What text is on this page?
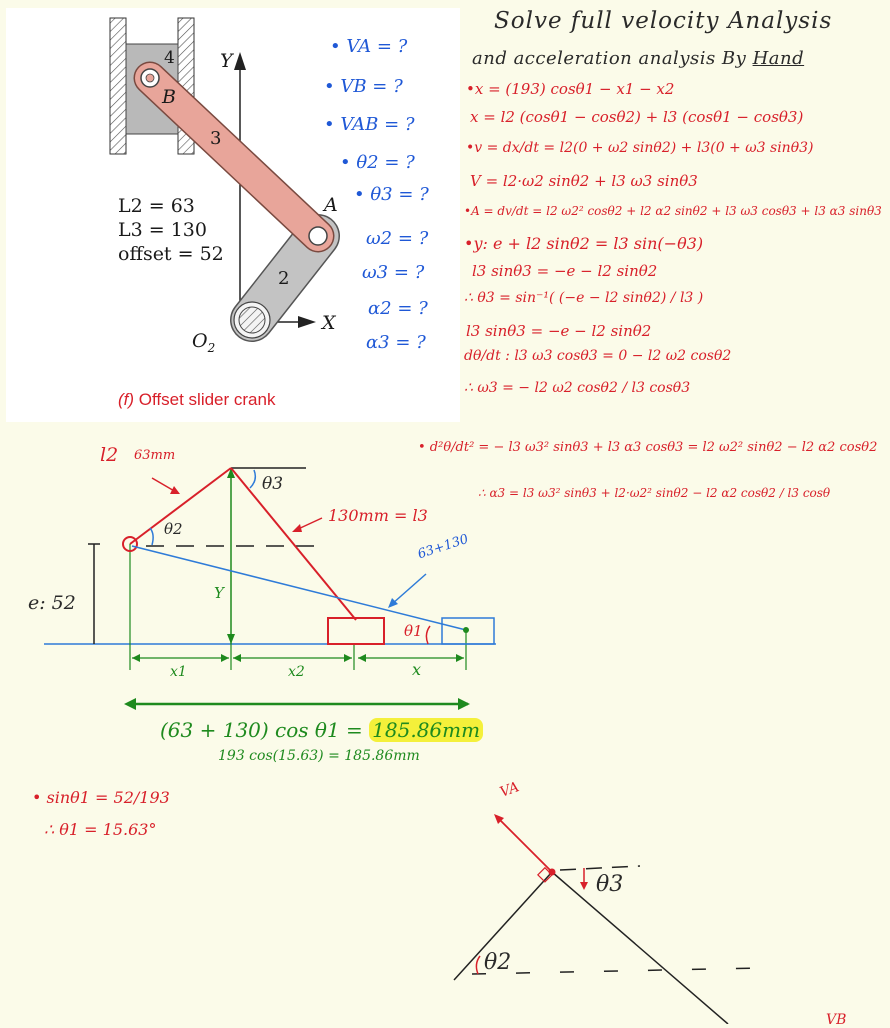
4 Y
B
3
A
2
X
$O_2$
L2 = 63
L3 = 130
offset = 52
(f) Offset slider crank
• VA = ?
• VB = ?
• VAB = ?
• θ2 = ?
• θ3 = ?
ω2 = ?
ω3 = ?
α2 = ?
α3 = ?
Solve full velocity Analysis
and acceleration analysis By Hand
•x = (193) cosθ1 − x1 − x2
x = l2 (cosθ1 − cosθ2) + l3 (cosθ1 − cosθ3)
•v = dx/dt = l2(0 + ω2 sinθ2) + l3(0 + ω3 sinθ3)
V = l2·ω2 sinθ2 + l3 ω3 sinθ3
•A = dv/dt = l2 ω2² cosθ2 + l2 α2 sinθ2 + l3 ω3 cosθ3 + l3 α3 sinθ3
•y: e + l2 sinθ2 = l3 sin(−θ3)
l3 sinθ3 = −e − l2 sinθ2
∴ θ3 = sin⁻¹( (−e − l2 sinθ2) / l3 )
l3 sinθ3 = −e − l2 sinθ2
dθ/dt : l3 ω3 cosθ3 = 0 − l2 ω2 cosθ2
∴ ω3 = − l2 ω2 cosθ2 / l3 cosθ3
• d²θ/dt² = − l3 ω3² sinθ3 + l3 α3 cosθ3 = l2 ω2² sinθ2 − l2 α2 cosθ2
∴ α3 = l3 ω3² sinθ3 + l2·ω2² sinθ2 − l2 α2 cosθ2 / l3 cosθ
l2 63mm
θ3
θ2
130mm = l3
63+130
e: 52	Y
θ1
x1	x2	x
(63 + 130) cos θ1 = 185.86mm
193 cos(15.63) = 185.86mm
• sinθ1 = 52/193
∴ θ1 = 15.63°
VA
θ3
θ2
VB
